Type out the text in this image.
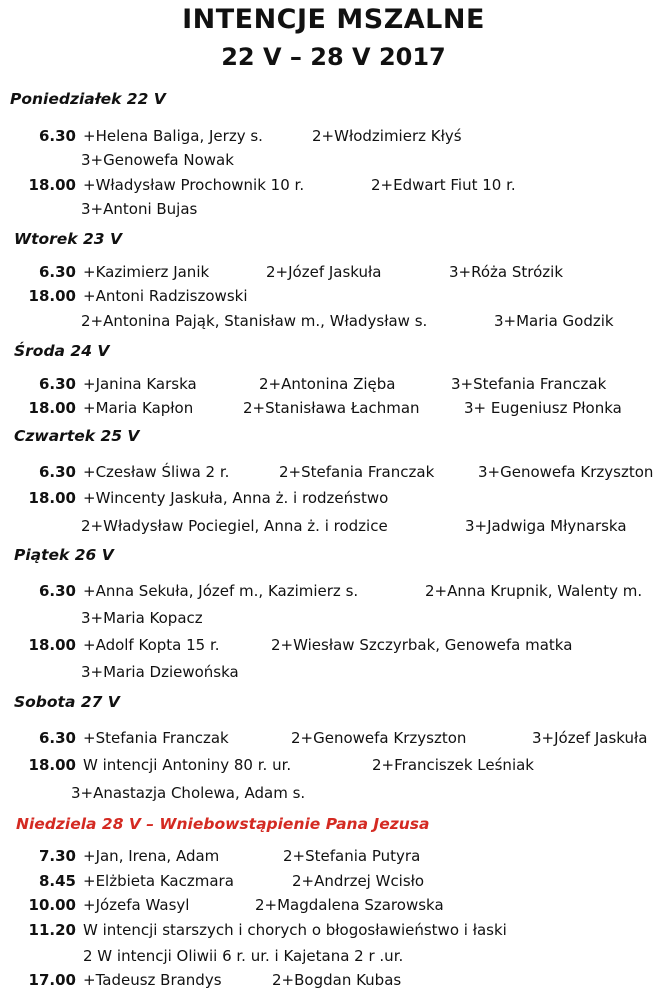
INTENCJE MSZALNE
22 V – 28 V 2017
Poniedziałek 22 V
6.30 +Helena Baliga, Jerzy s.	2+Włodzimierz Kłyś
3+Genowefa Nowak
18.00 +Władysław Prochownik 10 r.	2+Edwart Fiut 10 r.
3+Antoni Bujas
Wtorek 23 V
6.30 +Kazimierz Janik	2+Józef Jaskuła	3+Róża Strózik
18.00 +Antoni Radziszowski
2+Antonina Pająk, Stanisław m., Władysław s.	3+Maria Godzik
Środa 24 V
6.30 +Janina Karska	2+Antonina Zięba	3+Stefania Franczak
18.00 +Maria Kapłon	2+Stanisława Łachman	3+ Eugeniusz Płonka
Czwartek 25 V
6.30 +Czesław Śliwa 2 r.	2+Stefania Franczak	3+Genowefa Krzyszton
18.00 +Wincenty Jaskuła, Anna ż. i rodzeństwo
2+Władysław Pociegiel, Anna ż. i rodzice	3+Jadwiga Młynarska
Piątek 26 V
6.30 +Anna Sekuła, Józef m., Kazimierz s.	2+Anna Krupnik, Walenty m.
3+Maria Kopacz
18.00 +Adolf Kopta 15 r.	2+Wiesław Szczyrbak, Genowefa matka
3+Maria Dziewońska
Sobota 27 V
6.30 +Stefania Franczak	2+Genowefa Krzyszton	3+Józef Jaskuła
18.00 W intencji Antoniny 80 r. ur.	2+Franciszek Leśniak
3+Anastazja Cholewa, Adam s.
Niedziela 28 V – Wniebowstąpienie Pana Jezusa
7.30 +Jan, Irena, Adam	2+Stefania Putyra
8.45 +Elżbieta Kaczmara	2+Andrzej Wcisło
10.00 +Józefa Wasyl	2+Magdalena Szarowska
11.20 W intencji starszych i chorych o błogosławieństwo i łaski
2 W intencji Oliwii 6 r. ur. i Kajetana 2 r .ur.
17.00 +Tadeusz Brandys	2+Bogdan Kubas
